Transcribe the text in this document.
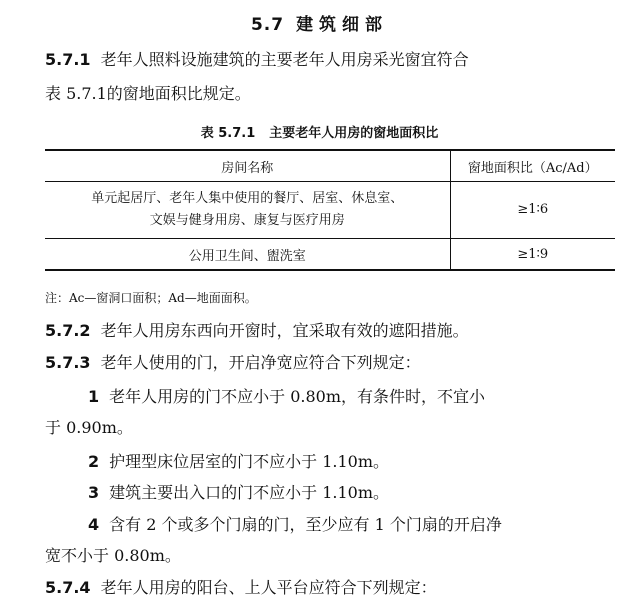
5.7 建筑细部
5.7.1 老年人照料设施建筑的主要老年人用房采光窗宜符合
表 5.7.1的窗地面积比规定。
表 5.7.1 主要老年人用房的窗地面积比
房间名称	窗地面积比（Ac/Ad）

单元起居厅、老年人集中使用的餐厅、居室、休息室、
文娱与健身用房、康复与医疗用房	≥1∶6
公用卫生间、盥洗室	≥1∶9
注：Ac—窗洞口面积；Ad—地面面积。
5.7.2 老年人用房东西向开窗时，宜采取有效的遮阳措施。
5.7.3 老年人使用的门，开启净宽应符合下列规定：
1 老年人用房的门不应小于 0.80m，有条件时，不宜小
于 0.90m。
2 护理型床位居室的门不应小于 1.10m。
3 建筑主要出入口的门不应小于 1.10m。
4 含有 2 个或多个门扇的门，至少应有 1 个门扇的开启净
宽不小于 0.80m。
5.7.4 老年人用房的阳台、上人平台应符合下列规定：
